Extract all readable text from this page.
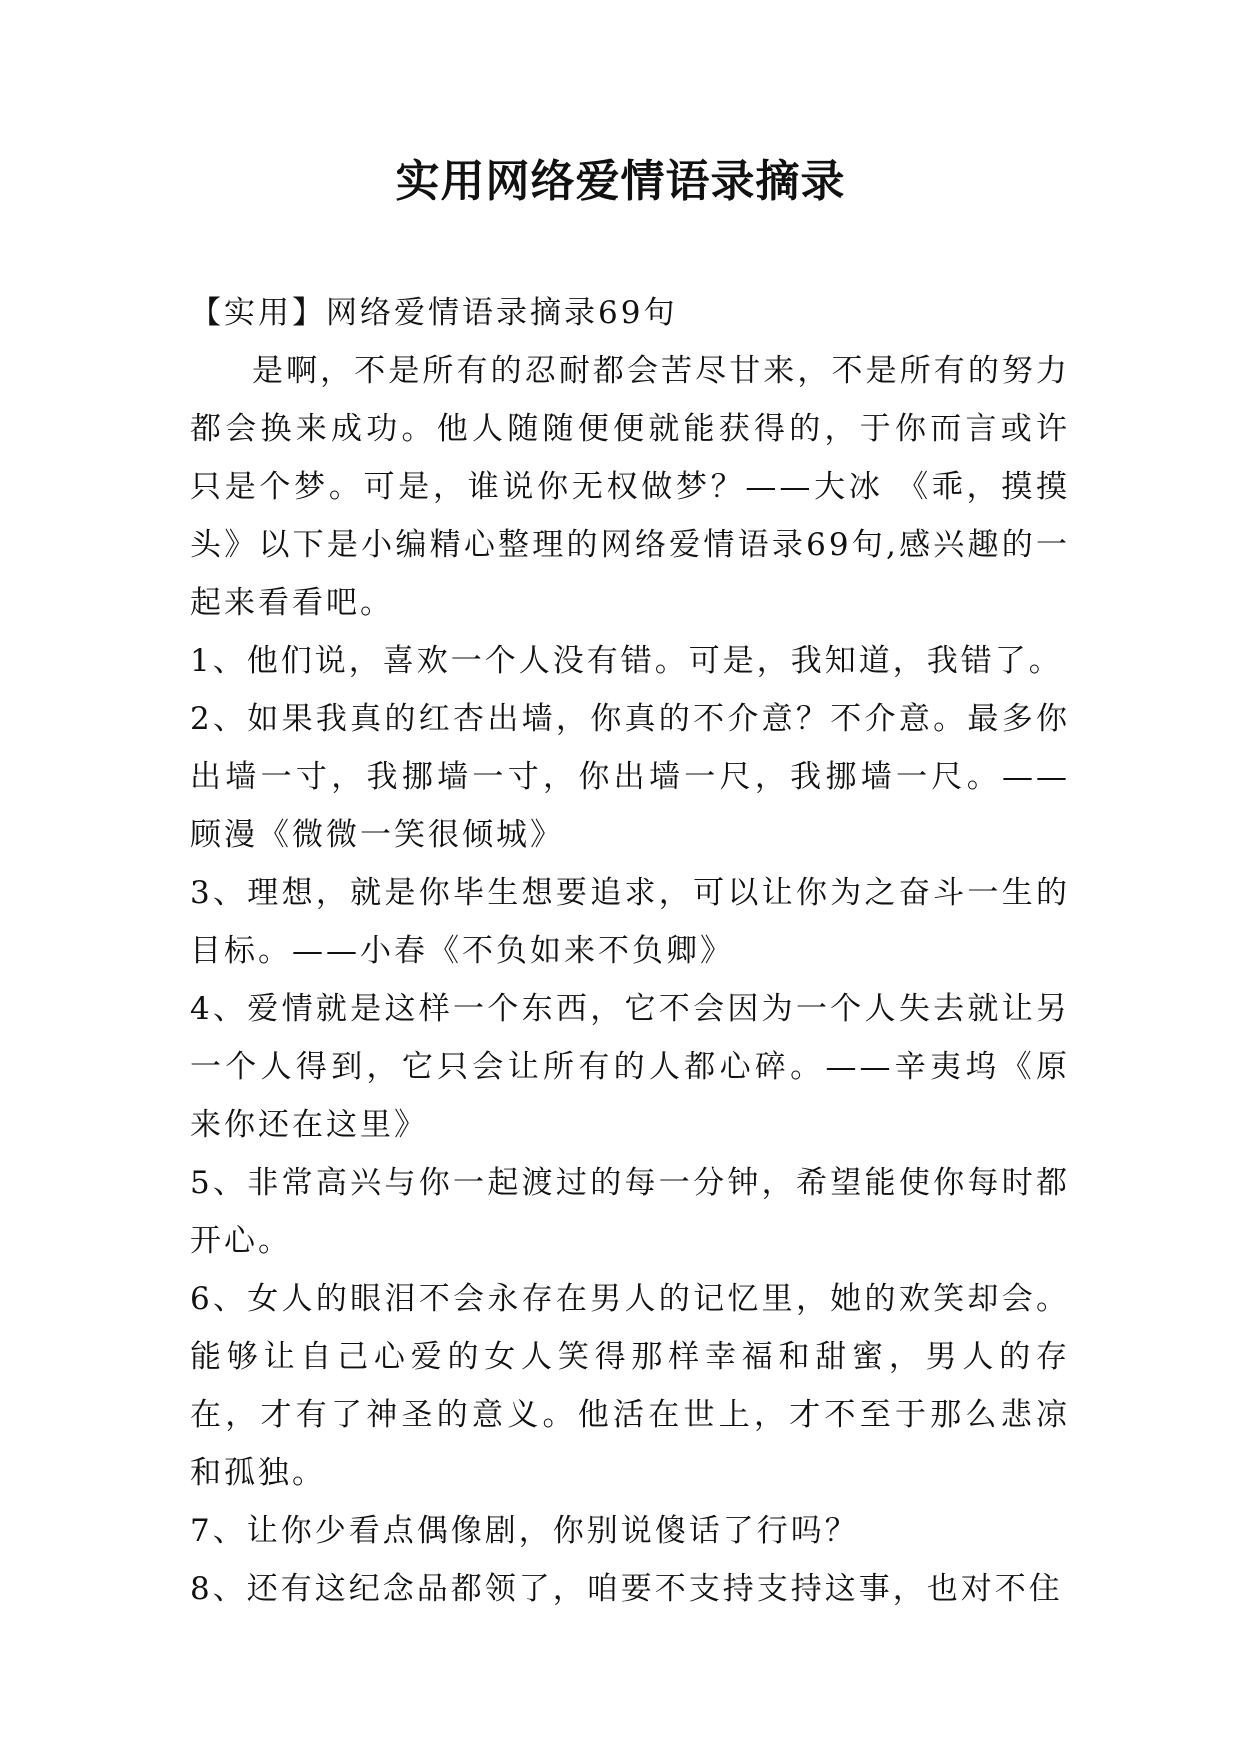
实用网络爱情语录摘录

【实用】网络爱情语录摘录69句

是啊，不是所有的忍耐都会苦尽甘来，不是所有的努力都会换来成功。他人随随便便就能获得的，于你而言或许只是个梦。可是，谁说你无权做梦？——大冰 《乖，摸摸头》以下是小编精心整理的网络爱情语录69句,感兴趣的一起来看看吧。

1、他们说，喜欢一个人没有错。可是，我知道，我错了。

2、如果我真的红杏出墙，你真的不介意？不介意。最多你出墙一寸，我挪墙一寸，你出墙一尺，我挪墙一尺。——顾漫《微微一笑很倾城》

3、理想，就是你毕生想要追求，可以让你为之奋斗一生的目标。——小春《不负如来不负卿》

4、爱情就是这样一个东西，它不会因为一个人失去就让另一个人得到，它只会让所有的人都心碎。——辛夷坞《原来你还在这里》

5、非常高兴与你一起渡过的每一分钟，希望能使你每时都开心。

6、女人的眼泪不会永存在男人的记忆里，她的欢笑却会。能够让自己心爱的女人笑得那样幸福和甜蜜，男人的存在，才有了神圣的意义。他活在世上，才不至于那么悲凉和孤独。

7、让你少看点偶像剧，你别说傻话了行吗？

8、还有这纪念品都领了，咱要不支持支持这事，也对不住
